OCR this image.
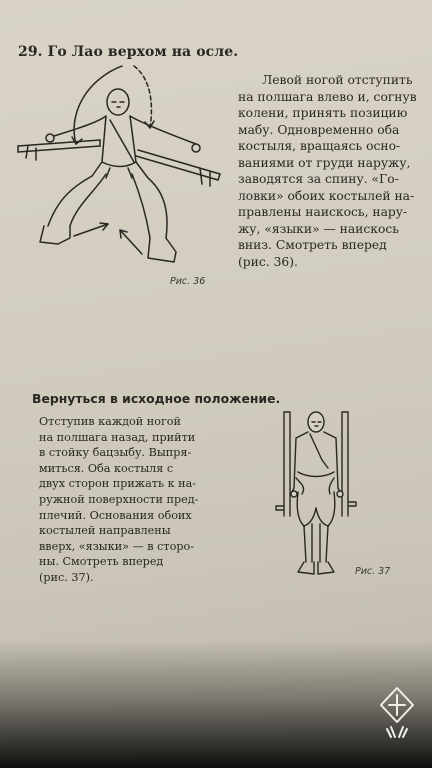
29. Го Лао верхом на осле.
Рис. 36
Левой ногой отступить
на полшага влево и, согнув
колени, принять позицию
мабу. Одновременно оба
костыля, вращаясь осно-
ваниями от груди наружу,
заводятся за спину. «Го-
ловки» обоих костылей на-
правлены наискось, нару-
жу, «языки» — наискось
вниз. Смотреть вперед
(рис. 36).
Вернуться в исходное положение.
Отступив каждой ногой
на полшага назад, прийти
в стойку бацзыбу. Выпря-
миться. Оба костыля с
двух сторон прижать к на-
ружной поверхности пред-
плечий. Основания обоих
костылей направлены
вверх, «языки» — в сторо-
ны. Смотреть вперед
(рис. 37).	Рис. 37
